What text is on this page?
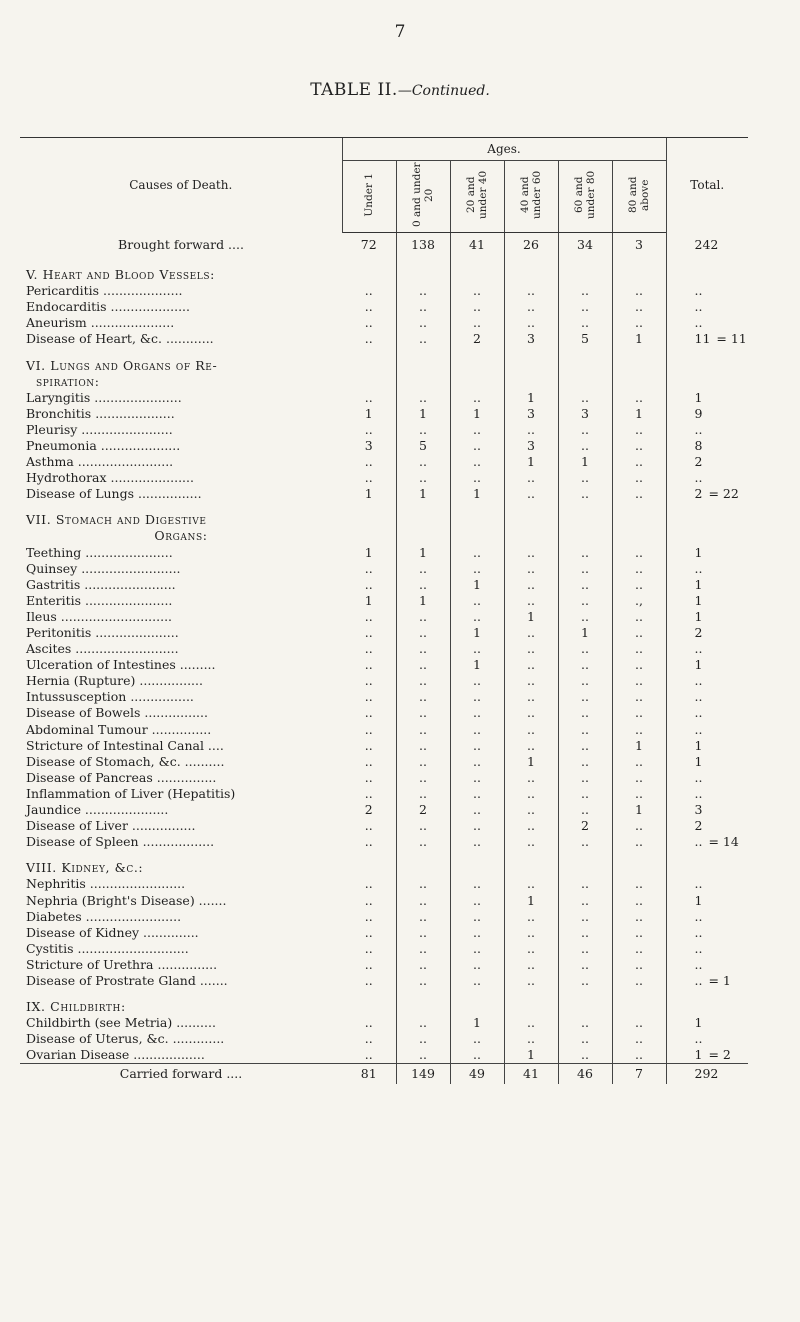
7
TABLE II.—Continued.

Causes of Death.	Ages.						Total.
	Under 1	0 and under 20	20 and under 40	40 and under 60	60 and under 80	80 and above	
Brought forward ....	72	138	41	26	34	3	242

V. Heart and Blood Vessels:							
Pericarditis ....................	..	..	..	..	..	..	..
Endocarditis ....................	..	..	..	..	..	..	..
Aneurism .....................	..	..	..	..	..	..	..
Disease of Heart, &c. ............	..	..	2	3	5	1	11 = 11

VI. Lungs and Organs of Re-							
spiration:							
Laryngitis ......................	..	..	..	1	..	..	1
Bronchitis ....................	1	1	1	3	3	1	9
Pleurisy .......................	..	..	..	..	..	..	..
Pneumonia ....................	3	5	..	3	..	..	8
Asthma ........................	..	..	..	1	1	..	2
Hydrothorax .....................	..	..	..	..	..	..	..
Disease of Lungs ................	1	1	1	..	..	..	2 = 22

VII. Stomach and Digestive							
Organs:							
Teething ......................	1	1	..	..	..	..	1
Quinsey .........................	..	..	..	..	..	..	..
Gastritis .......................	..	..	1	..	..	..	1
Enteritis ......................	1	1	..	..	..	.,	1
Ileus ............................	..	..	..	1	..	..	1
Peritonitis .....................	..	..	1	..	1	..	2
Ascites ..........................	..	..	..	..	..	..	..
Ulceration of Intestines .........	..	..	1	..	..	..	1
Hernia (Rupture) ................	..	..	..	..	..	..	..
Intussusception ................	..	..	..	..	..	..	..
Disease of Bowels ................	..	..	..	..	..	..	..
Abdominal Tumour ...............	..	..	..	..	..	..	..
Stricture of Intestinal Canal ....	..	..	..	..	..	1	1
Disease of Stomach, &c. ..........	..	..	..	1	..	..	1
Disease of Pancreas ...............	..	..	..	..	..	..	..
Inflammation of Liver (Hepatitis)	..	..	..	..	..	..	..
Jaundice .....................	2	2	..	..	..	1	3
Disease of Liver ................	..	..	..	..	2	..	2
Disease of Spleen ..................	..	..	..	..	..	..	.. = 14

VIII. Kidney, &c.:							
Nephritis ........................	..	..	..	..	..	..	..
Nephria (Bright's Disease) .......	..	..	..	1	..	..	1
Diabetes ........................	..	..	..	..	..	..	..
Disease of Kidney ..............	..	..	..	..	..	..	..
Cystitis ............................	..	..	..	..	..	..	..
Stricture of Urethra ...............	..	..	..	..	..	..	..
Disease of Prostrate Gland .......	..	..	..	..	..	..	.. = 1

IX. Childbirth:							
Childbirth (see Metria) ..........	..	..	1	..	..	..	1
Disease of Uterus, &c. .............	..	..	..	..	..	..	..
Ovarian Disease ..................	..	..	..	1	..	..	1 = 2
Carried forward ....	81	149	49	41	46	7	292
